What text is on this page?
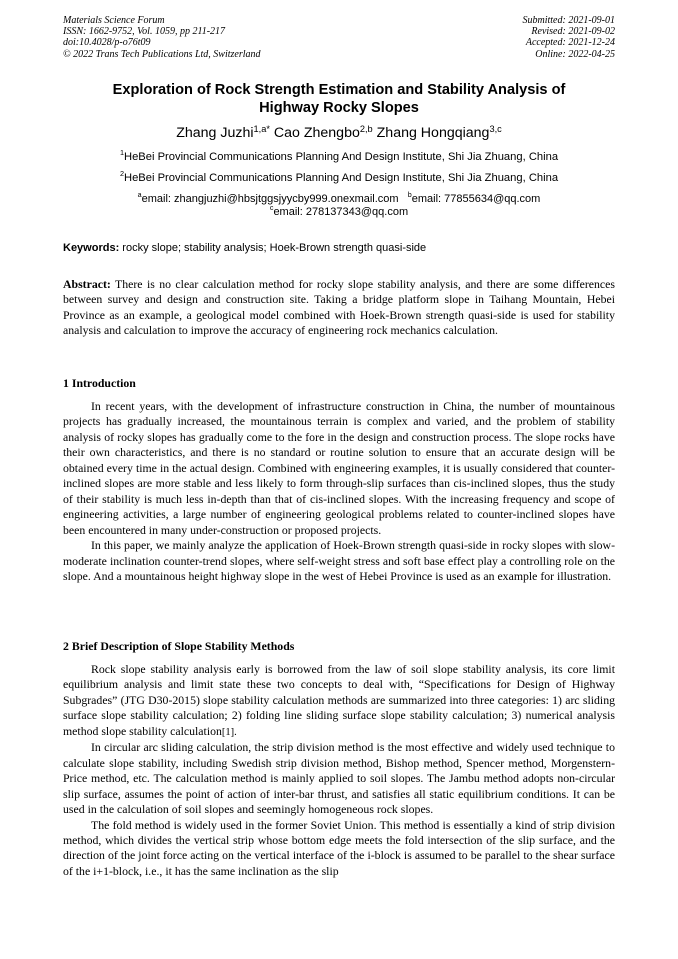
Materials Science Forum
ISSN: 1662-9752, Vol. 1059, pp 211-217
doi:10.4028/p-o76t09
© 2022 Trans Tech Publications Ltd, Switzerland
Submitted: 2021-09-01
Revised: 2021-09-02
Accepted: 2021-12-24
Online: 2022-04-25
Exploration of Rock Strength Estimation and Stability Analysis of
Highway Rocky Slopes
Zhang Juzhi$^{1,a*}$ Cao Zhengbo$^{2,b}$ Zhang Hongqiang$^{3,c}$
$^1$HeBei Provincial Communications Planning And Design Institute, Shi Jia Zhuang, China
$^2$HeBei Provincial Communications Planning And Design Institute, Shi Jia Zhuang, China
$^a$email: zhangjuzhi@hbsjtggsjyycby999.onexmail.com $^b$email: 77855634@qq.com
$^c$email: 278137343@qq.com
Keywords: rocky slope; stability analysis; Hoek-Brown strength quasi-side

Abstract: There is no clear calculation method for rocky slope stability analysis, and there are some differences between survey and design and construction site. Taking a bridge platform slope in Taihang Mountain, Hebei Province as an example, a geological model combined with Hoek-Brown strength quasi-side is used for stability analysis and calculation to improve the accuracy of engineering rock mechanics calculation.

1 Introduction

In recent years, with the development of infrastructure construction in China, the number of mountainous projects has gradually increased, the mountainous terrain is complex and varied, and the problem of stability analysis of rocky slopes has gradually come to the fore in the design and construction process. The slope rocks have their own characteristics, and there is no standard or routine solution to ensure that an accurate design will be obtained every time in the actual design. Combined with engineering examples, it is usually considered that counter-inclined slopes are more stable and less likely to form through-slip surfaces than cis-inclined slopes, thus the study of their stability is much less in-depth than that of cis-inclined slopes. With the increasing frequency and scope of engineering activities, a large number of engineering geological problems related to counter-inclined slopes have been encountered in many under-construction or proposed projects.

In this paper, we mainly analyze the application of Hoek-Brown strength quasi-side in rocky slopes with slow-moderate inclination counter-trend slopes, where self-weight stress and soft base effect play a controlling role on the slope. And a mountainous height highway slope in the west of Hebei Province is used as an example for illustration.

2 Brief Description of Slope Stability Methods

Rock slope stability analysis early is borrowed from the law of soil slope stability analysis, its core limit equilibrium analysis and limit state these two concepts to deal with, “Specifications for Design of Highway Subgrades” (JTG D30-2015) slope stability calculation methods are summarized into three categories: 1) arc sliding surface slope stability calculation; 2) folding line sliding surface slope stability calculation; 3) numerical analysis method slope stability calculation[1].

In circular arc sliding calculation, the strip division method is the most effective and widely used technique to calculate slope stability, including Swedish strip division method, Bishop method, Spencer method, Morgenstern-Price method, etc. The calculation method is mainly applied to soil slopes. The Jambu method adopts non-circular slip surface, assumes the point of action of inter-bar thrust, and satisfies all static equilibrium conditions. It can be used in the calculation of soil slopes and seemingly homogeneous rock slopes.

The fold method is widely used in the former Soviet Union. This method is essentially a kind of strip division method, which divides the vertical strip whose bottom edge meets the fold intersection of the slip surface, and the direction of the joint force acting on the vertical interface of the i-block is assumed to be parallel to the shear surface of the i+1-block, i.e., it has the same inclination as the slip
